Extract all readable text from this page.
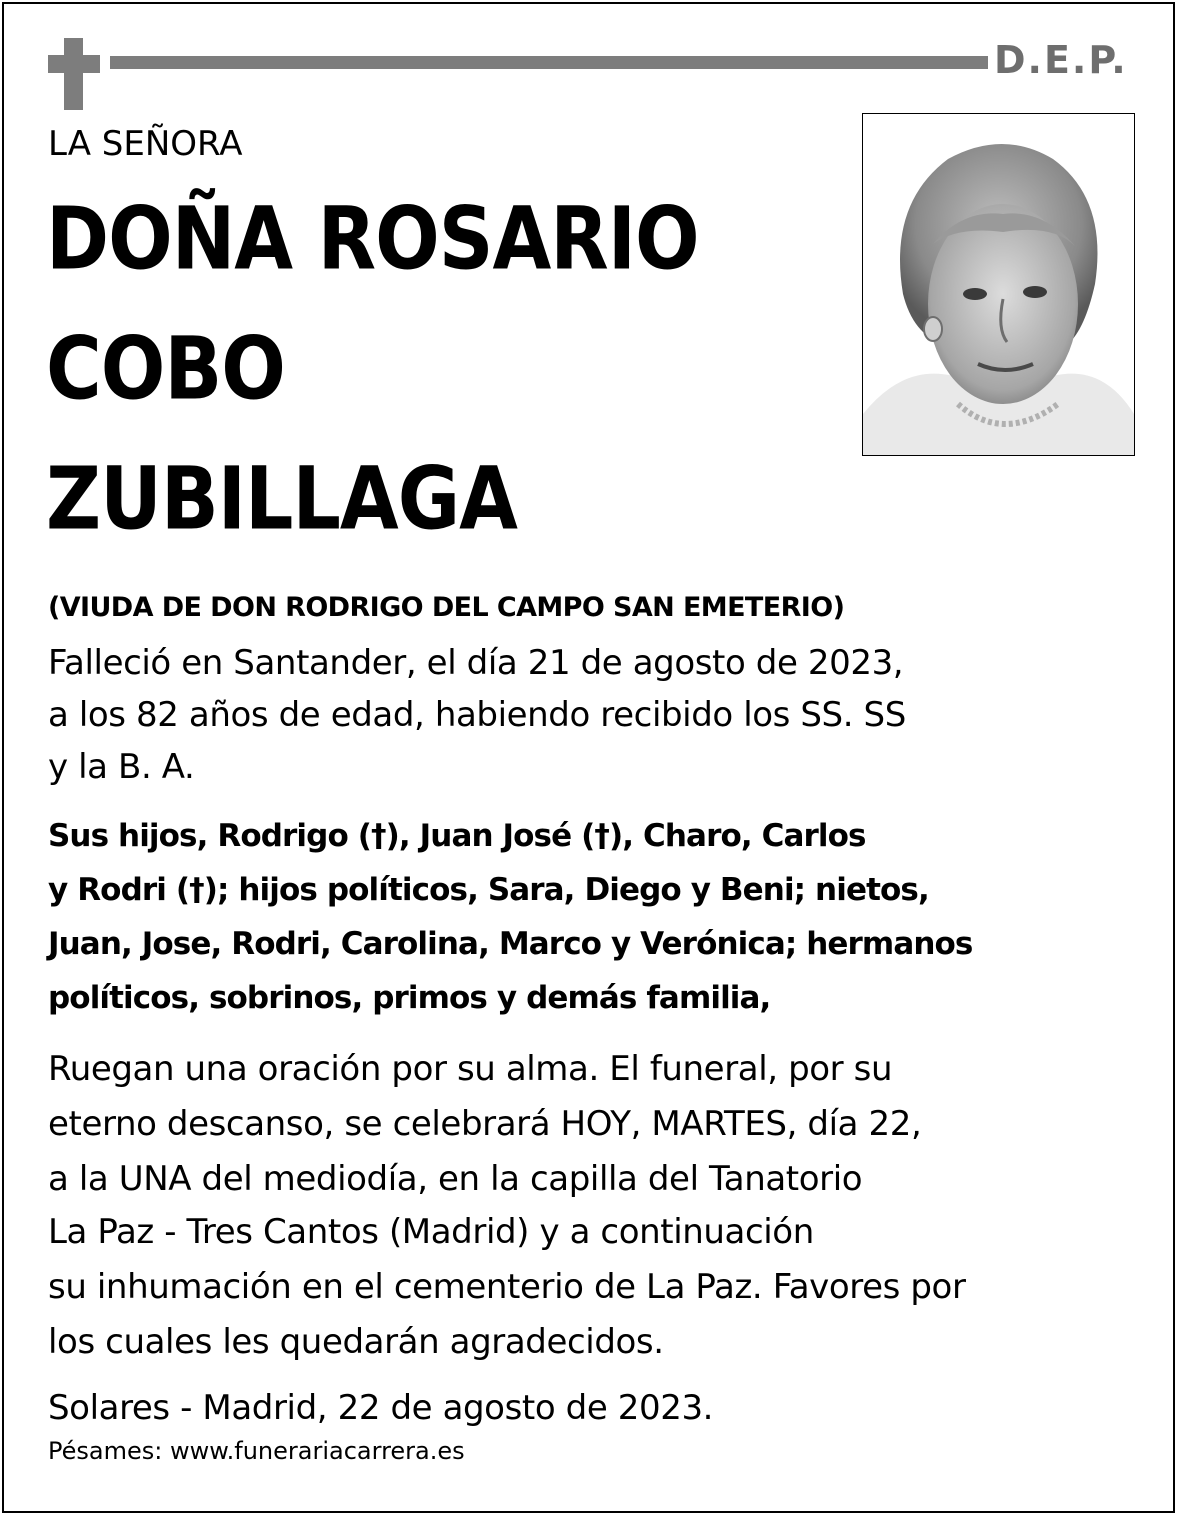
D.E.P.
LA SEÑORA
DOÑA ROSARIO
COBO
ZUBILLAGA
(VIUDA DE DON RODRIGO DEL CAMPO SAN EMETERIO)
Falleció en Santander, el día 21 de agosto de 2023,
a los 82 años de edad, habiendo recibido los SS. SS
y la B. A.
Sus hijos, Rodrigo (†), Juan José (†), Charo, Carlos
y Rodri (†); hijos políticos, Sara, Diego y Beni; nietos,
Juan, Jose, Rodri, Carolina, Marco y Verónica; hermanos
políticos, sobrinos, primos y demás familia,
Ruegan una oración por su alma. El funeral, por su
eterno descanso, se celebrará HOY, MARTES, día 22,
a la UNA del mediodía, en la capilla del Tanatorio
La Paz - Tres Cantos (Madrid) y a continuación
su inhumación en el cementerio de La Paz. Favores por
los cuales les quedarán agradecidos.
Solares - Madrid, 22 de agosto de 2023.
Pésames: www.funerariacarrera.es
